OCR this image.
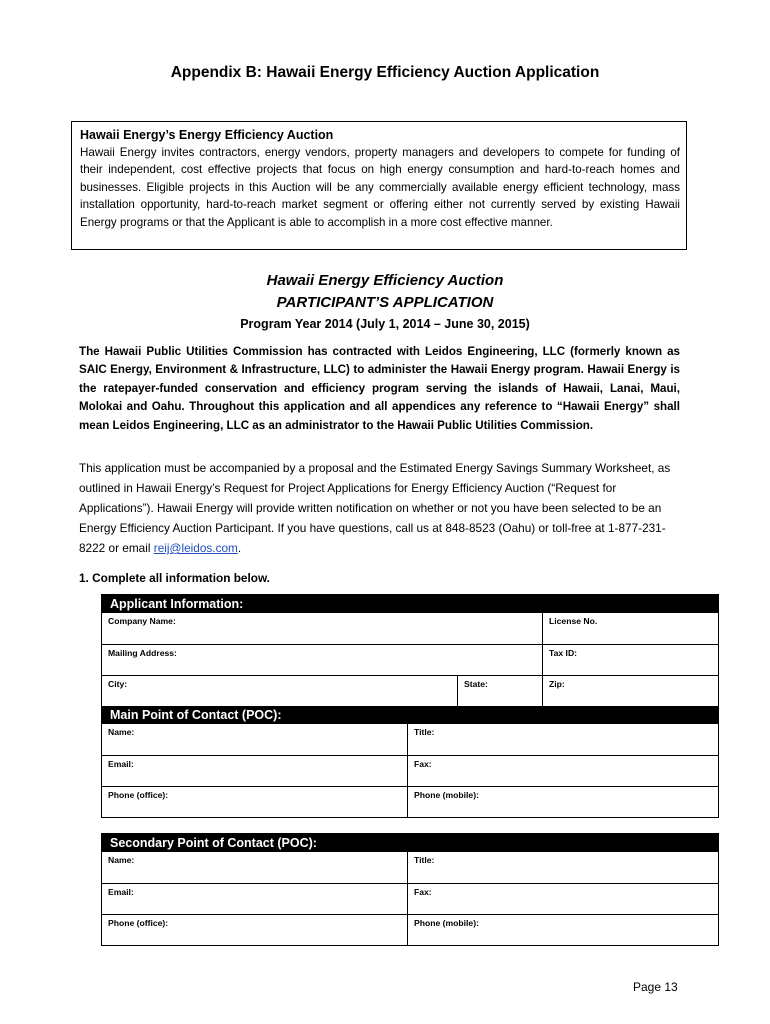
Appendix B: Hawaii Energy Efficiency Auction Application
Hawaii Energy’s Energy Efficiency Auction
Hawaii Energy invites contractors, energy vendors, property managers and developers to compete for funding of their independent, cost effective projects that focus on high energy consumption and hard-to-reach homes and businesses. Eligible projects in this Auction will be any commercially available energy efficient technology, mass installation opportunity, hard-to-reach market segment or offering either not currently served by existing Hawaii Energy programs or that the Applicant is able to accomplish in a more cost effective manner.
Hawaii Energy Efficiency Auction
PARTICIPANT’S APPLICATION
Program Year 2014 (July 1, 2014 – June 30, 2015)
The Hawaii Public Utilities Commission has contracted with Leidos Engineering, LLC (formerly known as SAIC Energy, Environment & Infrastructure, LLC) to administer the Hawaii Energy program. Hawaii Energy is the ratepayer-funded conservation and efficiency program serving the islands of Hawaii, Lanai, Maui, Molokai and Oahu. Throughout this application and all appendices any reference to “Hawaii Energy” shall mean Leidos Engineering, LLC as an administrator to the Hawaii Public Utilities Commission.
This application must be accompanied by a proposal and the Estimated Energy Savings Summary Worksheet, as outlined in Hawaii Energy’s Request for Project Applications for Energy Efficiency Auction (“Request for Applications”). Hawaii Energy will provide written notification on whether or not you have been selected to be an Energy Efficiency Auction Participant. If you have questions, call us at 848-8523 (Oahu) or toll-free at 1-877-231-8222 or email reij@leidos.com.
1. Complete all information below.
Applicant Information:
Company Name:	License No.
Mailing Address:	Tax ID:
City:	State:	Zip:
Main Point of Contact (POC):
Name:	Title:
Email:	Fax:
Phone (office):	Phone (mobile):
Secondary Point of Contact (POC):
Name:	Title:
Email:	Fax:
Phone (office):	Phone (mobile):
Page 13
